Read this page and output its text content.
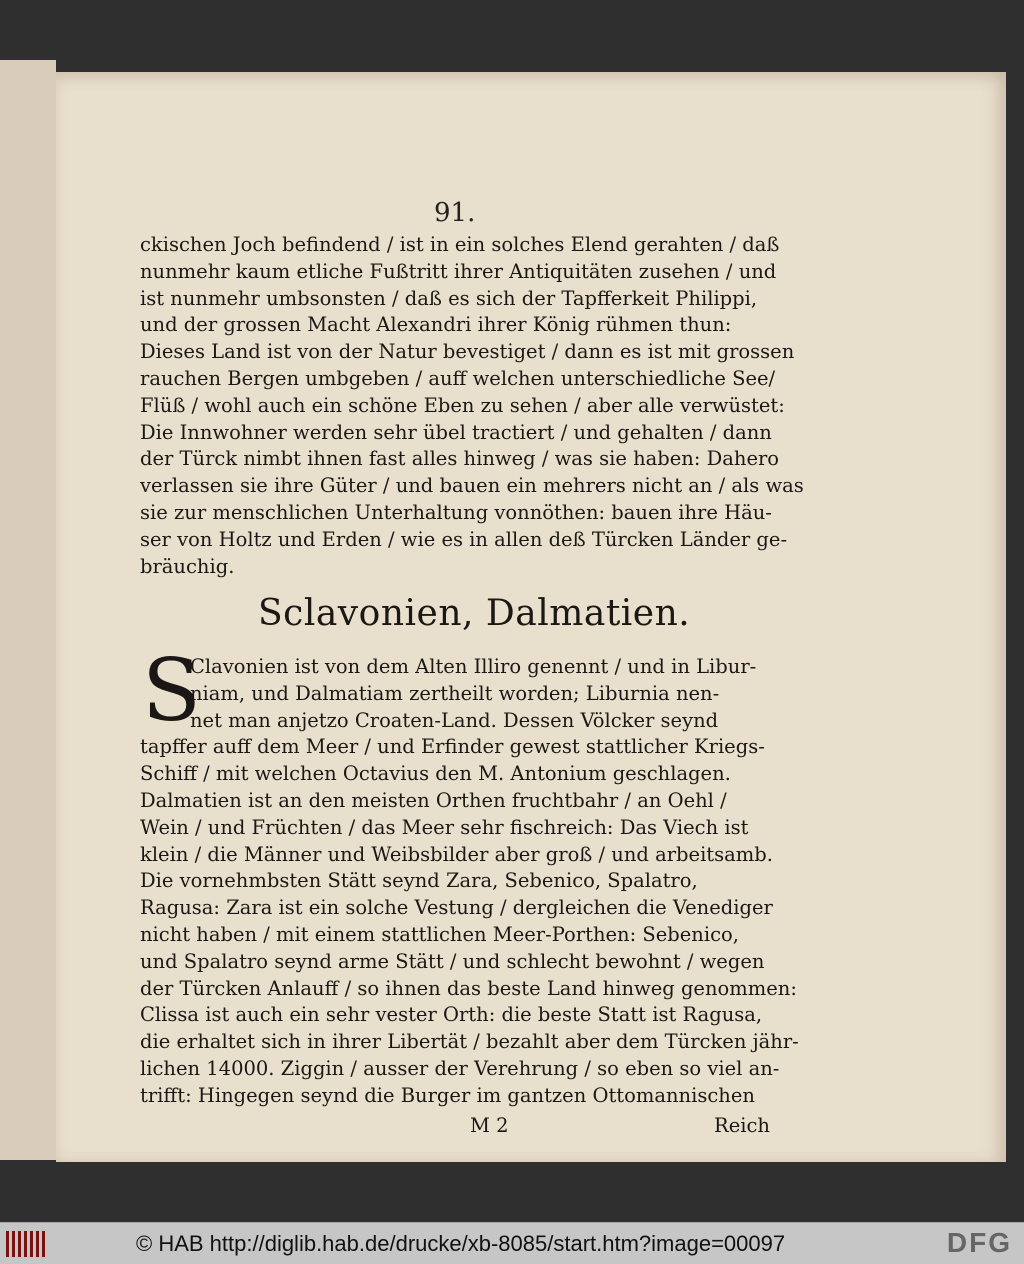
91.
ckischen Joch befindend / ist in ein solches Elend gerahten / daß
nunmehr kaum etliche Fußtritt ihrer Antiquitäten zusehen / und
ist nunmehr umbsonsten / daß es sich der Tapfferkeit Philippi,
und der grossen Macht Alexandri ihrer König rühmen thun:
Dieses Land ist von der Natur bevestiget / dann es ist mit grossen
rauchen Bergen umbgeben / auff welchen unterschiedliche See/
Flüß / wohl auch ein schöne Eben zu sehen / aber alle verwüstet:
Die Innwohner werden sehr übel tractiert / und gehalten / dann
der Türck nimbt ihnen fast alles hinweg / was sie haben: Dahero
verlassen sie ihre Güter / und bauen ein mehrers nicht an / als was
sie zur menschlichen Unterhaltung vonnöthen: bauen ihre Häu-
ser von Holtz und Erden / wie es in allen deß Türcken Länder ge-
bräuchig.
Sclavonien, Dalmatien.
S
Clavonien ist von dem Alten Illiro genennt / und in Libur-
niam, und Dalmatiam zertheilt worden; Liburnia nen-
net man anjetzo Croaten-Land. Dessen Völcker seynd
tapffer auff dem Meer / und Erfinder gewest stattlicher Kriegs-
Schiff / mit welchen Octavius den M. Antonium geschlagen.
Dalmatien ist an den meisten Orthen fruchtbahr / an Oehl /
Wein / und Früchten / das Meer sehr fischreich: Das Viech ist
klein / die Männer und Weibsbilder aber groß / und arbeitsamb.
Die vornehmbsten Stätt seynd Zara, Sebenico, Spalatro,
Ragusa: Zara ist ein solche Vestung / dergleichen die Venediger
nicht haben / mit einem stattlichen Meer-Porthen: Sebenico,
und Spalatro seynd arme Stätt / und schlecht bewohnt / wegen
der Türcken Anlauff / so ihnen das beste Land hinweg genommen:
Clissa ist auch ein sehr vester Orth: die beste Statt ist Ragusa,
die erhaltet sich in ihrer Libertät / bezahlt aber dem Türcken jähr-
lichen 14000. Ziggin / ausser der Verehrung / so eben so viel an-
trifft: Hingegen seynd die Burger im gantzen Ottomannischen
M 2	Reich
© HAB http://diglib.hab.de/drucke/xb-8085/start.htm?image=00097	DFG
